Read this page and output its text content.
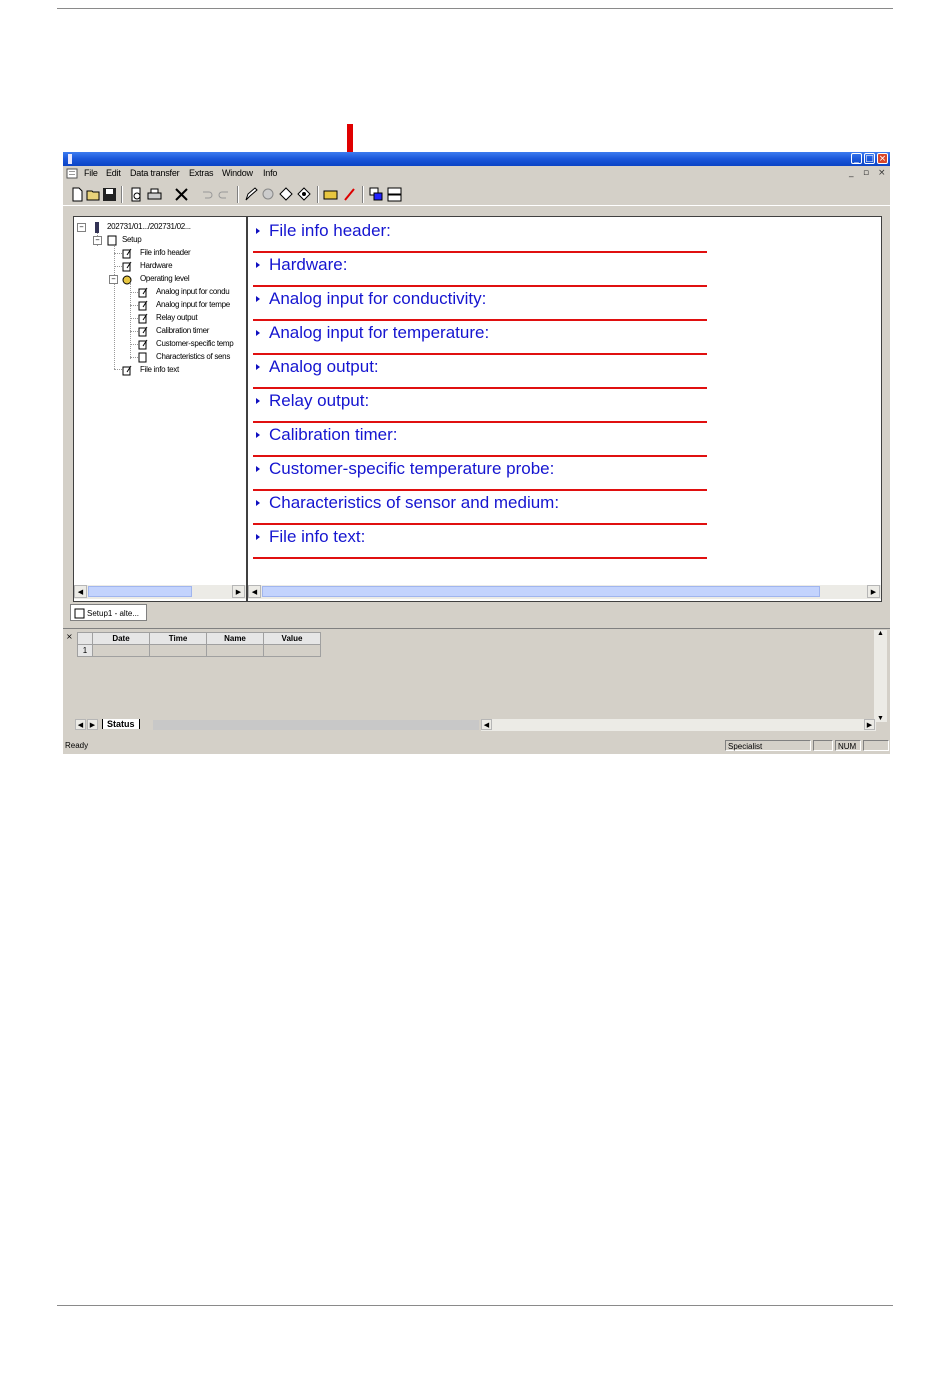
_ □ ×
File Edit Data transfer Extras Window Info	_ ▫ ×
−	202731/01.../202731/02...
−	Setup
File info header
Hardware
−	Operating level
Analog input for condu
Analog input for tempe
Relay output
Calibration timer
Customer-specific temp
Characteristics of sens
File info text
◀	▶
File info header:
Hardware:
Analog input for conductivity:
Analog input for temperature:
Analog output:
Relay output:
Calibration timer:
Customer-specific temperature probe:
Characteristics of sensor and medium:
File info text:
◀	▶
Setup1 - alte...
×
		Date	Time	Name	Value
1				
▲
▼
◀ ▶	Status	◀	▶
Ready	Specialist	NUM
